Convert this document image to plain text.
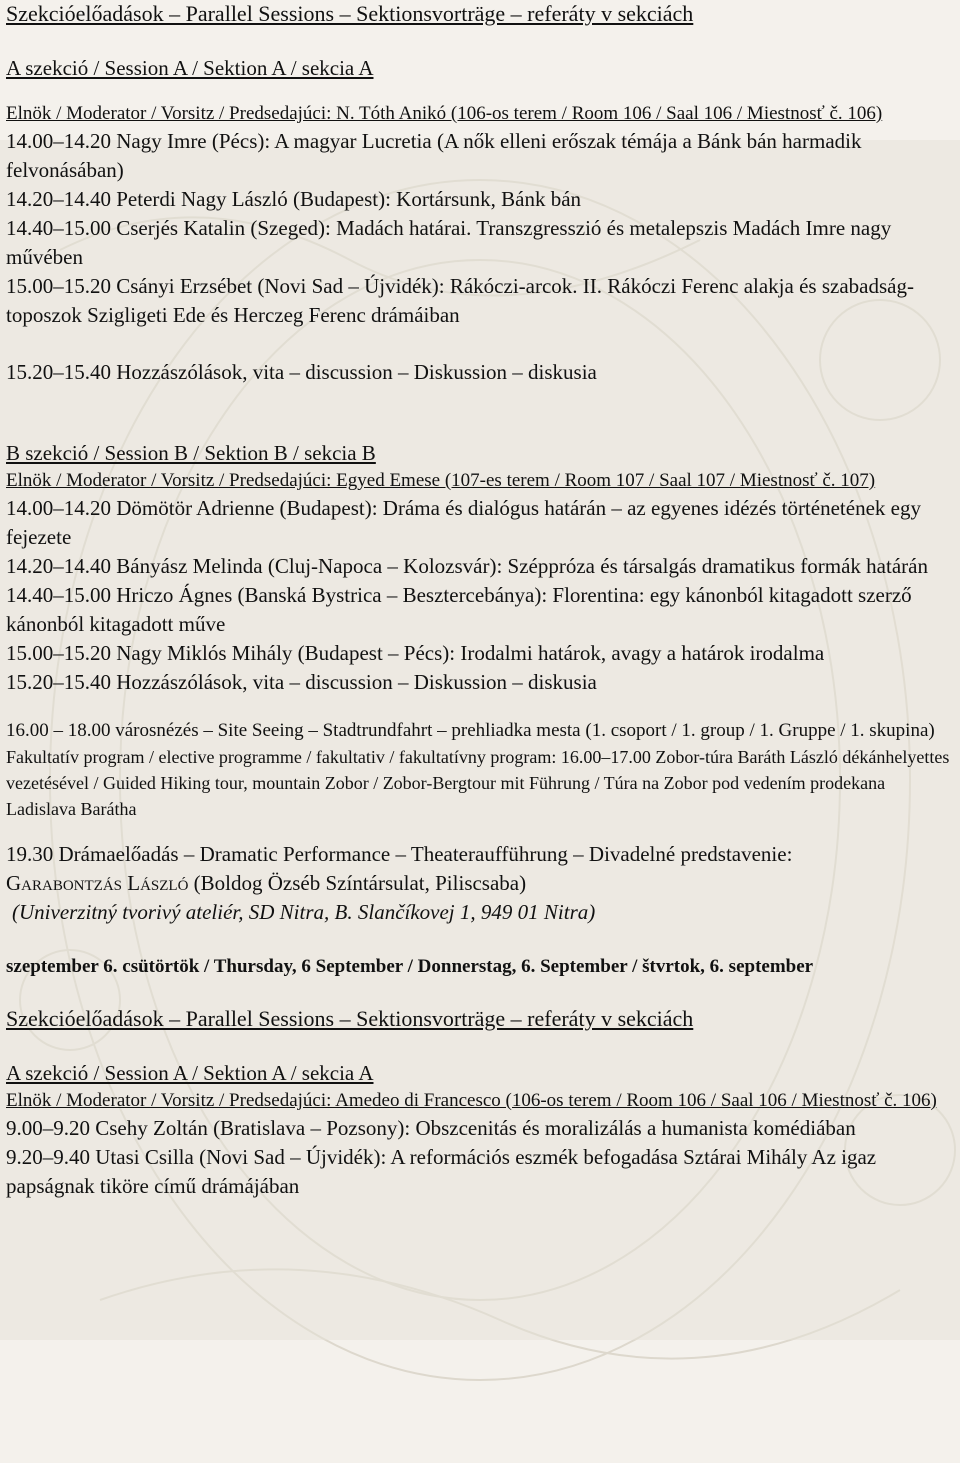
Szekcióelőadások – Parallel Sessions – Sektionsvorträge – referáty v sekciách

A szekció / Session A / Sektion A / sekcia A

Elnök / Moderator / Vorsitz / Predsedajúci: N. Tóth Anikó (106-os terem / Room 106 / Saal 106 / Miestnosť č. 106)

14.00–14.20 Nagy Imre (Pécs): A magyar Lucretia (A nők elleni erőszak témája a Bánk bán harmadik felvonásában)

14.20–14.40 Peterdi Nagy László (Budapest): Kortársunk, Bánk bán

14.40–15.00 Cserjés Katalin (Szeged): Madách határai. Transzgresszió és metalepszis Madách Imre nagy művében

15.00–15.20 Csányi Erzsébet (Novi Sad – Újvidék): Rákóczi-arcok. II. Rákóczi Ferenc alakja és szabadság-toposzok Szigligeti Ede és Herczeg Ferenc drámáiban

15.20–15.40 Hozzászólások, vita – discussion – Diskussion – diskusia

B szekció / Session B / Sektion B / sekcia B

Elnök / Moderator / Vorsitz / Predsedajúci: Egyed Emese (107-es terem / Room 107 / Saal 107 / Miestnosť č. 107)

14.00–14.20 Dömötör Adrienne (Budapest): Dráma és dialógus határán – az egyenes idézés történetének egy fejezete

14.20–14.40 Bányász Melinda (Cluj-Napoca – Kolozsvár): Széppróza és társalgás dramatikus formák határán

14.40–15.00 Hriczo Ágnes (Banská Bystrica – Besztercebánya): Florentina: egy kánonból kitagadott szerző kánonból kitagadott műve

15.00–15.20 Nagy Miklós Mihály (Budapest – Pécs): Irodalmi határok, avagy a határok irodalma

15.20–15.40 Hozzászólások, vita – discussion – Diskussion – diskusia

16.00 – 18.00 városnézés – Site Seeing – Stadtrundfahrt – prehliadka mesta (1. csoport / 1. group / 1. Gruppe / 1. skupina)

Fakultatív program / elective programme / fakultativ / fakultatívny program: 16.00–17.00 Zobor-túra Baráth László dékánhelyettes vezetésével / Guided Hiking tour, mountain Zobor / Zobor-Bergtour mit Führung / Túra na Zobor pod vedením prodekana Ladislava Barátha

19.30 Drámaelőadás – Dramatic Performance – Theateraufführung – Divadelné predstavenie:
Garabontzás László (Boldog Özséb Színtársulat, Piliscsaba)

(Univerzitný tvorivý ateliér, SD Nitra, B. Slančíkovej 1, 949 01 Nitra)

szeptember 6. csütörtök / Thursday, 6 September / Donnerstag, 6. September / štvrtok, 6. september

Szekcióelőadások – Parallel Sessions – Sektionsvorträge – referáty v sekciách

A szekció / Session A / Sektion A / sekcia A

Elnök / Moderator / Vorsitz / Predsedajúci: Amedeo di Francesco (106-os terem / Room 106 / Saal 106 / Miestnosť č. 106)

9.00–9.20 Csehy Zoltán (Bratislava – Pozsony): Obszcenitás és moralizálás a humanista komédiában

9.20–9.40 Utasi Csilla (Novi Sad – Újvidék): A reformációs eszmék befogadása Sztárai Mihály Az igaz papságnak tiköre című drámájában
